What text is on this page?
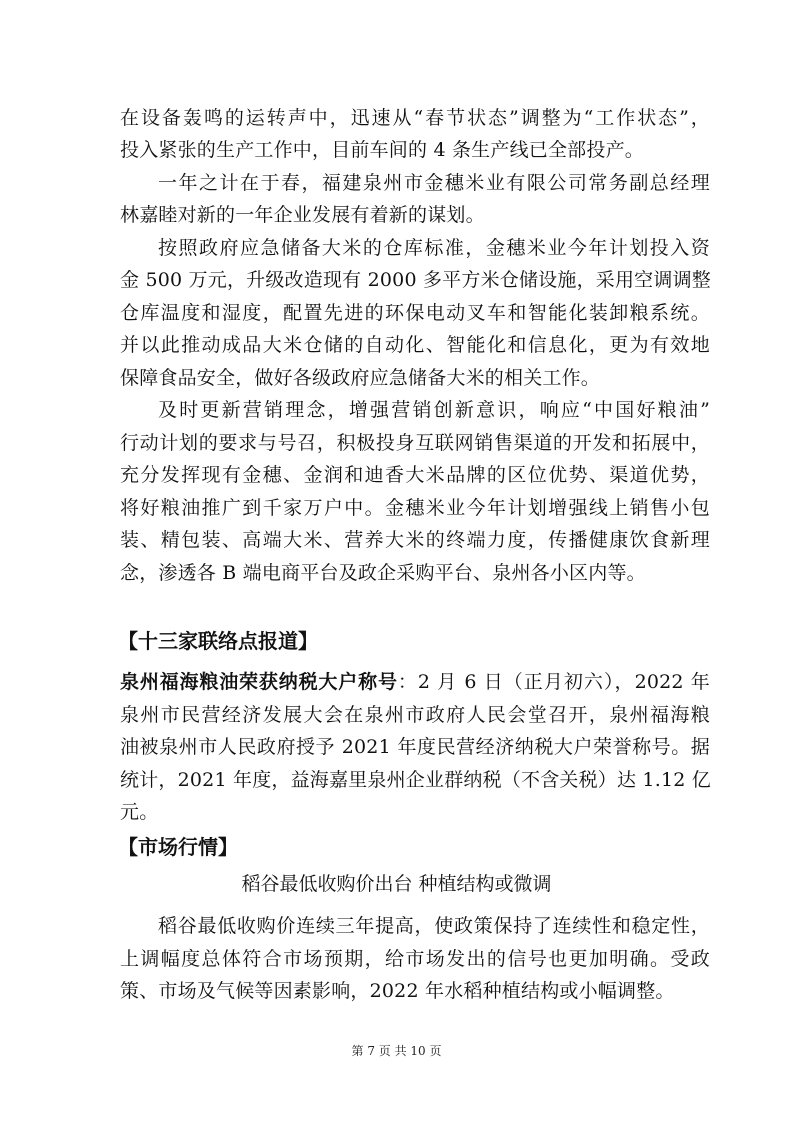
在设备轰鸣的运转声中，迅速从“春节状态”调整为“工作状态”，
投入紧张的生产工作中，目前车间的 4 条生产线已全部投产。
一年之计在于春，福建泉州市金穗米业有限公司常务副总经理
林嘉睦对新的一年企业发展有着新的谋划。
按照政府应急储备大米的仓库标准，金穗米业今年计划投入资
金 500 万元，升级改造现有 2000 多平方米仓储设施，采用空调调整
仓库温度和湿度，配置先进的环保电动叉车和智能化装卸粮系统。
并以此推动成品大米仓储的自动化、智能化和信息化，更为有效地
保障食品安全，做好各级政府应急储备大米的相关工作。
及时更新营销理念，增强营销创新意识，响应“中国好粮油”
行动计划的要求与号召，积极投身互联网销售渠道的开发和拓展中，
充分发挥现有金穗、金润和迪香大米品牌的区位优势、渠道优势，
将好粮油推广到千家万户中。金穗米业今年计划增强线上销售小包
装、精包装、高端大米、营养大米的终端力度，传播健康饮食新理
念，渗透各 B 端电商平台及政企采购平台、泉州各小区内等。
【十三家联络点报道】
泉州福海粮油荣获纳税大户称号：2 月 6 日（正月初六），2022 年
泉州市民营经济发展大会在泉州市政府人民会堂召开，泉州福海粮
油被泉州市人民政府授予 2021 年度民营经济纳税大户荣誉称号。据
统计，2021 年度，益海嘉里泉州企业群纳税（不含关税）达 1.12 亿
元。
【市场行情】
稻谷最低收购价出台 种植结构或微调
稻谷最低收购价连续三年提高，使政策保持了连续性和稳定性，
上调幅度总体符合市场预期，给市场发出的信号也更加明确。受政
策、市场及气候等因素影响，2022 年水稻种植结构或小幅调整。
第 7 页 共 10 页
